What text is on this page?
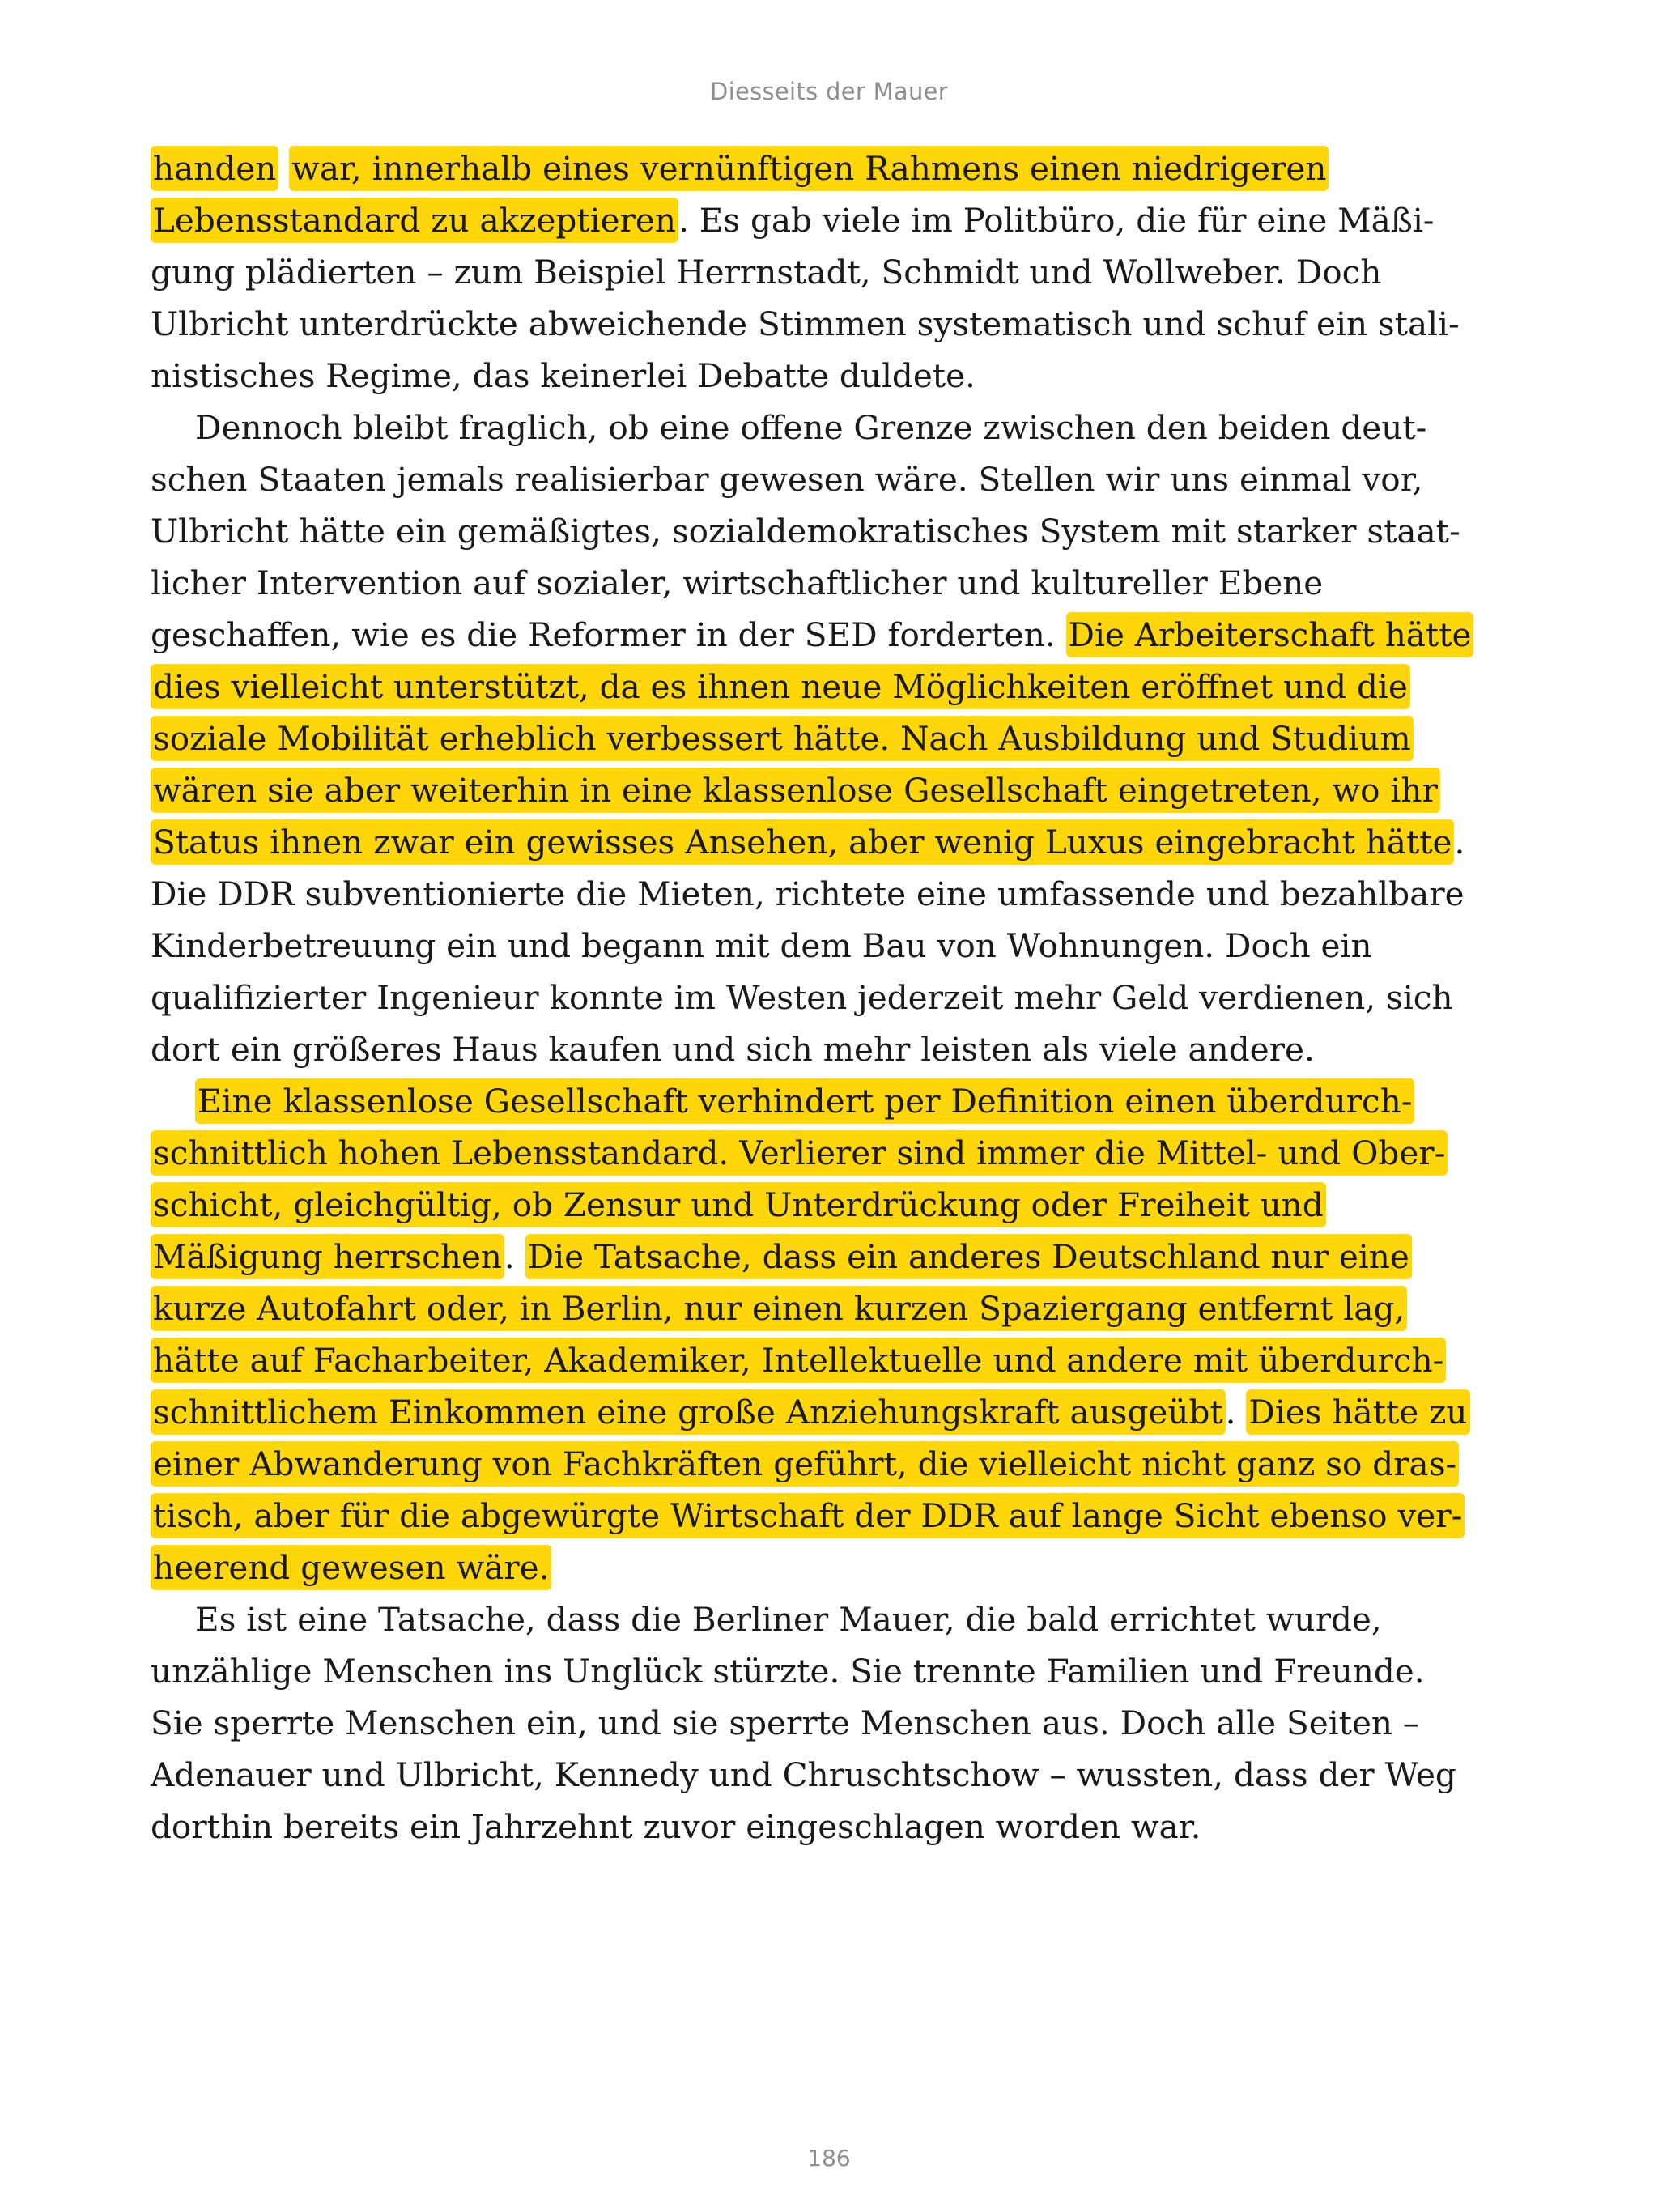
Diesseits der Mauer
handen war, innerhalb eines vernünftigen Rahmens einen niedrigeren
Lebensstandard zu akzeptieren. Es gab viele im Politbüro, die für eine Mäßi-
gung plädierten – zum Beispiel Herrnstadt, Schmidt und Wollweber. Doch
Ulbricht unterdrückte abweichende Stimmen systematisch und schuf ein stali-
nistisches Regime, das keinerlei Debatte duldete.
Dennoch bleibt fraglich, ob eine offene Grenze zwischen den beiden deut-
schen Staaten jemals realisierbar gewesen wäre. Stellen wir uns einmal vor,
Ulbricht hätte ein gemäßigtes, sozialdemokratisches System mit starker staat-
licher Intervention auf sozialer, wirtschaftlicher und kultureller Ebene
geschaffen, wie es die Reformer in der SED forderten. Die Arbeiterschaft hätte
dies vielleicht unterstützt, da es ihnen neue Möglichkeiten eröffnet und die
soziale Mobilität erheblich verbessert hätte. Nach Ausbildung und Studium
wären sie aber weiterhin in eine klassenlose Gesellschaft eingetreten, wo ihr
Status ihnen zwar ein gewisses Ansehen, aber wenig Luxus eingebracht hätte.
Die DDR subventionierte die Mieten, richtete eine umfassende und bezahlbare
Kinderbetreuung ein und begann mit dem Bau von Wohnungen. Doch ein
qualifizierter Ingenieur konnte im Westen jederzeit mehr Geld verdienen, sich
dort ein größeres Haus kaufen und sich mehr leisten als viele andere.
Eine klassenlose Gesellschaft verhindert per Definition einen überdurch-
schnittlich hohen Lebensstandard. Verlierer sind immer die Mittel- und Ober-
schicht, gleichgültig, ob Zensur und Unterdrückung oder Freiheit und
Mäßigung herrschen. Die Tatsache, dass ein anderes Deutschland nur eine
kurze Autofahrt oder, in Berlin, nur einen kurzen Spaziergang entfernt lag,
hätte auf Facharbeiter, Akademiker, Intellektuelle und andere mit überdurch-
schnittlichem Einkommen eine große Anziehungskraft ausgeübt. Dies hätte zu
einer Abwanderung von Fachkräften geführt, die vielleicht nicht ganz so dras-
tisch, aber für die abgewürgte Wirtschaft der DDR auf lange Sicht ebenso ver-
heerend gewesen wäre.
Es ist eine Tatsache, dass die Berliner Mauer, die bald errichtet wurde,
unzählige Menschen ins Unglück stürzte. Sie trennte Familien und Freunde.
Sie sperrte Menschen ein, und sie sperrte Menschen aus. Doch alle Seiten –
Adenauer und Ulbricht, Kennedy und Chruschtschow – wussten, dass der Weg
dorthin bereits ein Jahrzehnt zuvor eingeschlagen worden war.
186
